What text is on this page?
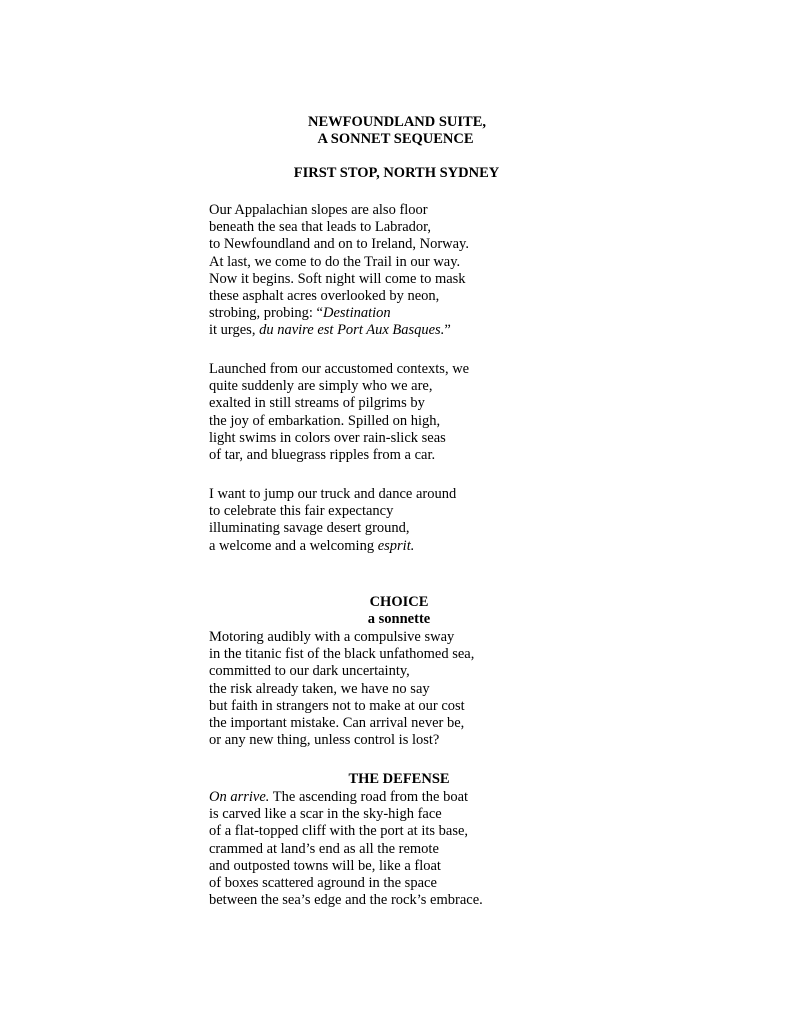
NEWFOUNDLAND SUITE,
A SONNET SEQUENCE
FIRST STOP, NORTH SYDNEY
Our Appalachian slopes are also floor
beneath the sea that leads to Labrador,
to Newfoundland and on to Ireland, Norway.
At last, we come to do the Trail in our way.
Now it begins. Soft night will come to mask
these asphalt acres overlooked by neon,
strobing, probing: “Destination
it urges, du navire est Port Aux Basques.”
Launched from our accustomed contexts, we
quite suddenly are simply who we are,
exalted in still streams of pilgrims by
the joy of embarkation. Spilled on high,
light swims in colors over rain-slick seas
of tar, and bluegrass ripples from a car.
I want to jump our truck and dance around
to celebrate this fair expectancy
illuminating savage desert ground,
a welcome and a welcoming esprit.
CHOICE
a sonnette
Motoring audibly with a compulsive sway
in the titanic fist of the black unfathomed sea,
committed to our dark uncertainty,
the risk already taken, we have no say
but faith in strangers not to make at our cost
the important mistake. Can arrival never be,
or any new thing, unless control is lost?
THE DEFENSE
On arrive. The ascending road from the boat
is carved like a scar in the sky-high face
of a flat-topped cliff with the port at its base,
crammed at land’s end as all the remote
and outposted towns will be, like a float
of boxes scattered aground in the space
between the sea’s edge and the rock’s embrace.
